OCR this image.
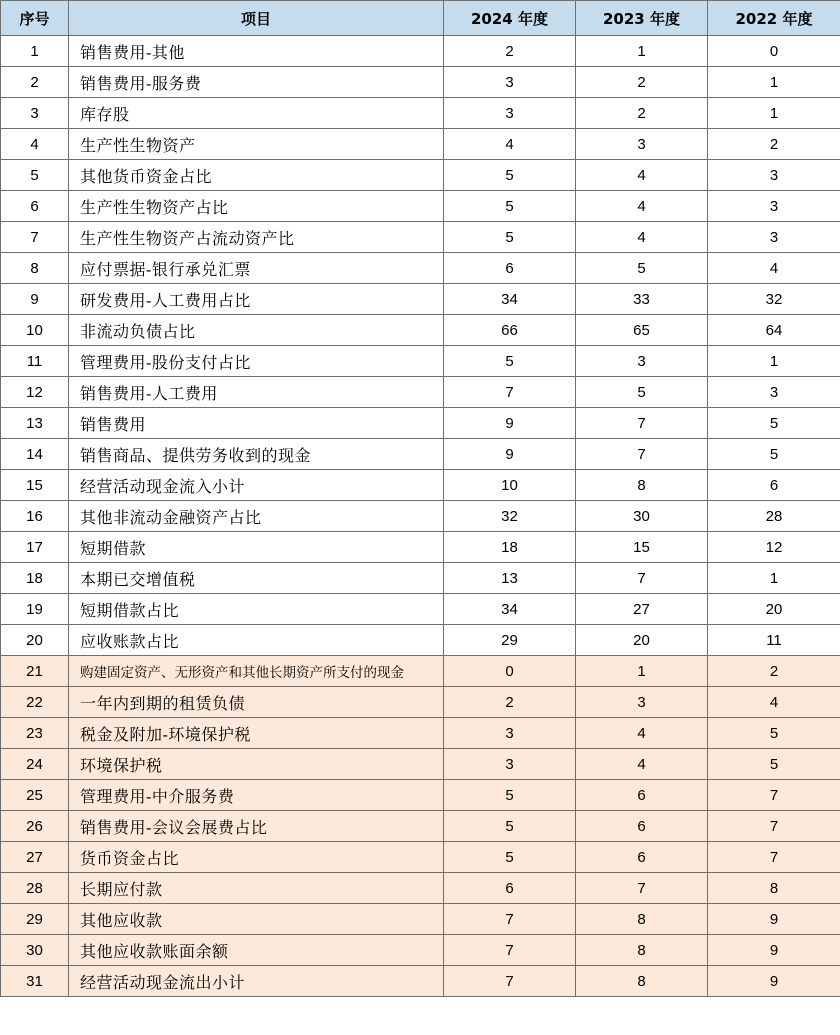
序号	项目	2024 年度	2023 年度	2022 年度
1	销售费用-其他	2	1	0
2	销售费用-服务费	3	2	1
3	库存股	3	2	1
4	生产性生物资产	4	3	2
5	其他货币资金占比	5	4	3
6	生产性生物资产占比	5	4	3
7	生产性生物资产占流动资产比	5	4	3
8	应付票据-银行承兑汇票	6	5	4
9	研发费用-人工费用占比	34	33	32
10	非流动负债占比	66	65	64
11	管理费用-股份支付占比	5	3	1
12	销售费用-人工费用	7	5	3
13	销售费用	9	7	5
14	销售商品、提供劳务收到的现金	9	7	5
15	经营活动现金流入小计	10	8	6
16	其他非流动金融资产占比	32	30	28
17	短期借款	18	15	12
18	本期已交增值税	13	7	1
19	短期借款占比	34	27	20
20	应收账款占比	29	20	11
21	购建固定资产、无形资产和其他长期资产所支付的现金	0	1	2
22	一年内到期的租赁负债	2	3	4
23	税金及附加-环境保护税	3	4	5
24	环境保护税	3	4	5
25	管理费用-中介服务费	5	6	7
26	销售费用-会议会展费占比	5	6	7
27	货币资金占比	5	6	7
28	长期应付款	6	7	8
29	其他应收款	7	8	9
30	其他应收款账面余额	7	8	9
31	经营活动现金流出小计	7	8	9
